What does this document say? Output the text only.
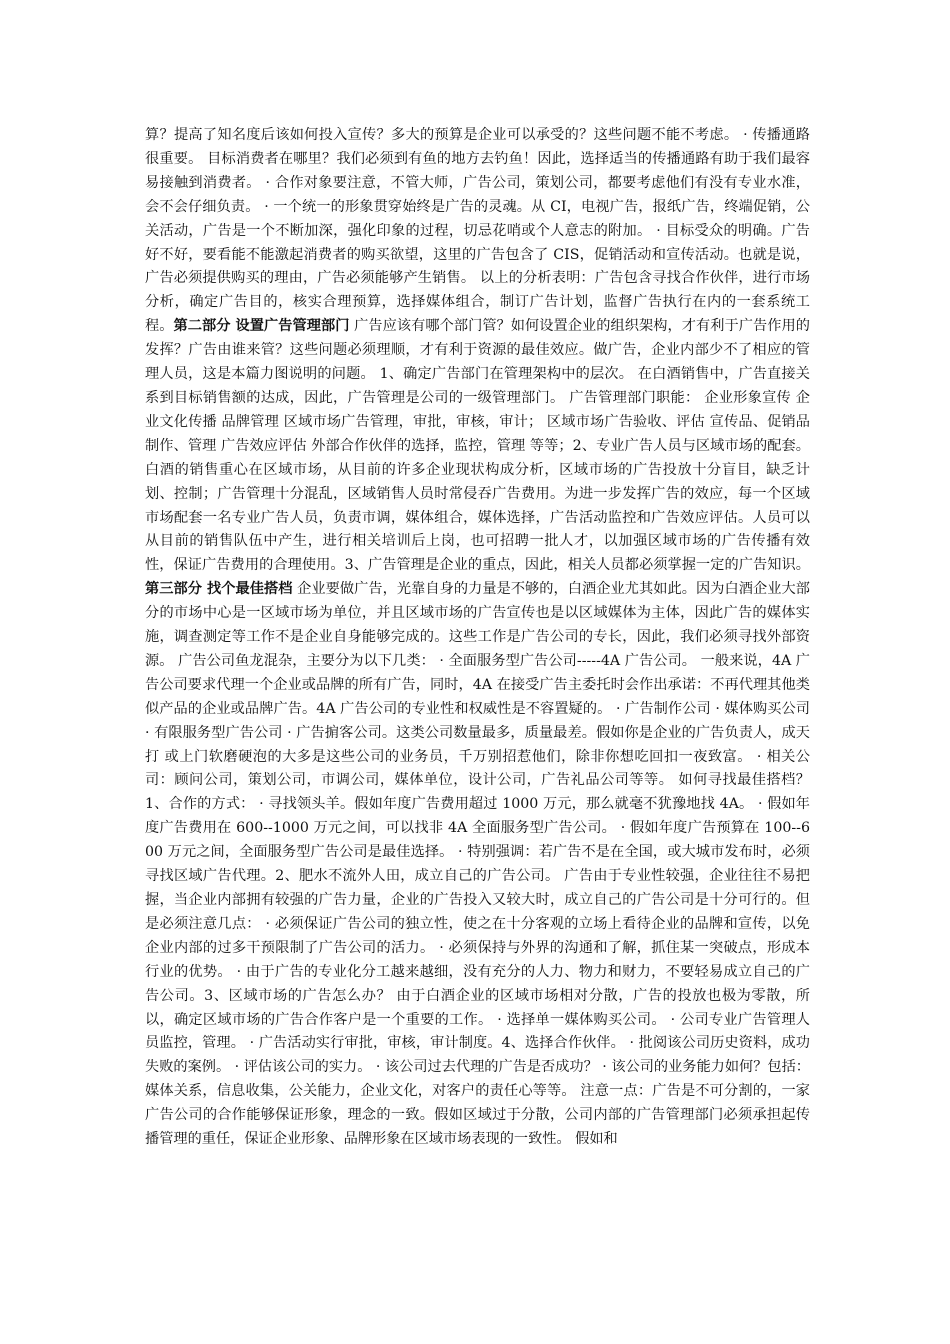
算？提高了知名度后该如何投入宣传？多大的预算是企业可以承受的？这些问题不能不考虑。 · 传播通路很重要。 目标消费者在哪里？我们必须到有鱼的地方去钓鱼！因此，选择适当的传播通路有助于我们最容易接触到消费者。 · 合作对象要注意，不管大师，广告公司，策划公司，都要考虑他们有没有专业水准，会不会仔细负责。 · 一个统一的形象贯穿始终是广告的灵魂。从 CI，电视广告，报纸广告，终端促销，公关活动，广告是一个不断加深，强化印象的过程，切忌花哨或个人意志的附加。 · 目标受众的明确。广告好不好，要看能不能激起消费者的购买欲望，这里的广告包含了 CIS，促销活动和宣传活动。也就是说，广告必须提供购买的理由，广告必须能够产生销售。 以上的分析表明：广告包含寻找合作伙伴，进行市场分析，确定广告目的，核实合理预算，选择媒体组合，制订广告计划，监督广告执行在内的一套系统工程。第二部分 设置广告管理部门 广告应该有哪个部门管？如何设置企业的组织架构，才有利于广告作用的发挥？广告由谁来管？这些问题必须理顺，才有利于资源的最佳效应。做广告，企业内部少不了相应的管理人员，这是本篇力图说明的问题。 1、确定广告部门在管理架构中的层次。 在白酒销售中，广告直接关系到目标销售额的达成，因此，广告管理是公司的一级管理部门。 广告管理部门职能： 企业形象宣传 企业文化传播 品牌管理 区域市场广告管理，审批，审核，审计； 区域市场广告验收、评估 宣传品、促销品制作、管理 广告效应评估 外部合作伙伴的选择，监控，管理 等等；2、专业广告人员与区域市场的配套。 白酒的销售重心在区域市场，从目前的许多企业现状构成分析，区域市场的广告投放十分盲目，缺乏计划、控制；广告管理十分混乱，区域销售人员时常侵吞广告费用。为进一步发挥广告的效应，每一个区域市场配套一名专业广告人员，负责市调，媒体组合，媒体选择，广告活动监控和广告效应评估。人员可以从目前的销售队伍中产生，进行相关培训后上岗，也可招聘一批人才，以加强区域市场的广告传播有效性，保证广告费用的合理使用。3、广告管理是企业的重点，因此，相关人员都必须掌握一定的广告知识。第三部分 找个最佳搭档 企业要做广告，光靠自身的力量是不够的，白酒企业尤其如此。因为白酒企业大部分的市场中心是一区域市场为单位，并且区域市场的广告宣传也是以区域媒体为主体，因此广告的媒体实施，调查测定等工作不是企业自身能够完成的。这些工作是广告公司的专长，因此，我们必须寻找外部资源。 广告公司鱼龙混杂，主要分为以下几类： · 全面服务型广告公司-----4A 广告公司。 一般来说，4A 广告公司要求代理一个企业或品牌的所有广告，同时，4A 在接受广告主委托时会作出承诺：不再代理其他类似产品的企业或品牌广告。4A 广告公司的专业性和权威性是不容置疑的。 · 广告制作公司 · 媒体购买公司 · 有限服务型广告公司 · 广告掮客公司。这类公司数量最多，质量最差。假如你是企业的广告负责人，成天打 或上门软磨硬泡的大多是这些公司的业务员，千万别招惹他们，除非你想吃回扣一夜致富。 · 相关公司：顾问公司，策划公司，市调公司，媒体单位，设计公司，广告礼品公司等等。 如何寻找最佳搭档？1、合作的方式： · 寻找领头羊。假如年度广告费用超过 1000 万元，那么就毫不犹豫地找 4A。 · 假如年度广告费用在 600--1000 万元之间，可以找非 4A 全面服务型广告公司。 · 假如年度广告预算在 100--600 万元之间，全面服务型广告公司是最佳选择。 · 特别强调：若广告不是在全国，或大城市发布时，必须寻找区域广告代理。2、肥水不流外人田，成立自己的广告公司。 广告由于专业性较强，企业往往不易把握，当企业内部拥有较强的广告力量，企业的广告投入又较大时，成立自己的广告公司是十分可行的。但是必须注意几点： · 必须保证广告公司的独立性，使之在十分客观的立场上看待企业的品牌和宣传，以免企业内部的过多干预限制了广告公司的活力。 · 必须保持与外界的沟通和了解，抓住某一突破点，形成本行业的优势。 · 由于广告的专业化分工越来越细，没有充分的人力、物力和财力，不要轻易成立自己的广告公司。3、区域市场的广告怎么办？ 由于白酒企业的区域市场相对分散，广告的投放也极为零散，所以，确定区域市场的广告合作客户是一个重要的工作。 · 选择单一媒体购买公司。 · 公司专业广告管理人员监控，管理。 · 广告活动实行审批，审核，审计制度。4、选择合作伙伴。 · 批阅该公司历史资料，成功失败的案例。 · 评估该公司的实力。 · 该公司过去代理的广告是否成功？ · 该公司的业务能力如何？包括：媒体关系，信息收集，公关能力，企业文化，对客户的责任心等等。 注意一点：广告是不可分割的，一家广告公司的合作能够保证形象，理念的一致。假如区域过于分散，公司内部的广告管理部门必须承担起传播管理的重任，保证企业形象、品牌形象在区域市场表现的一致性。 假如和
